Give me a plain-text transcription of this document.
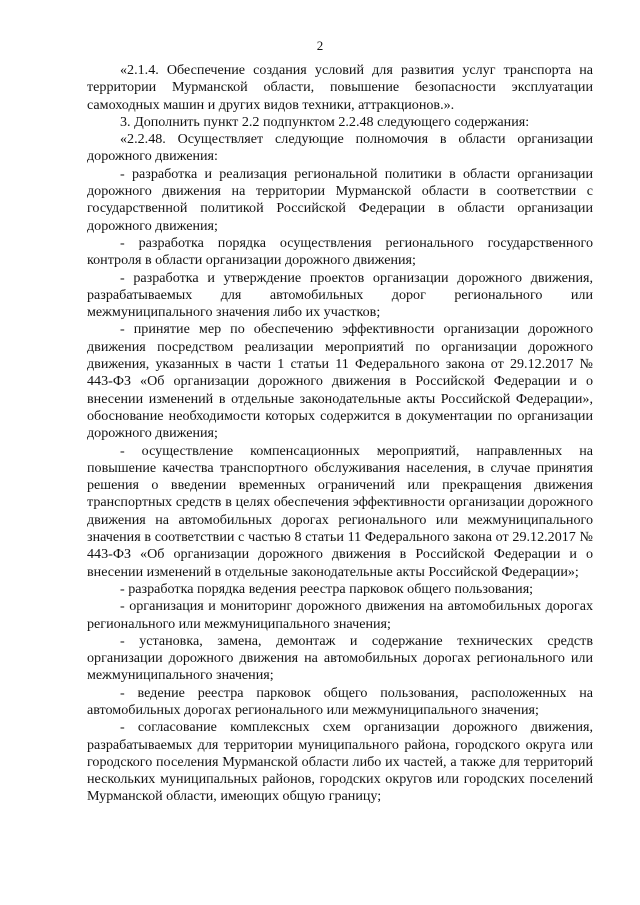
2

«2.1.4. Обеспечение создания условий для развития услуг транспорта на территории Мурманской области, повышение безопасности эксплуатации самоходных машин и других видов техники, аттракционов.».

3. Дополнить пункт 2.2 подпунктом 2.2.48 следующего содержания:

«2.2.48. Осуществляет следующие полномочия в области организации дорожного движения:

- разработка и реализация региональной политики в области организации дорожного движения на территории Мурманской области в соответствии с государственной политикой Российской Федерации в области организации дорожного движения;

- разработка порядка осуществления регионального государственного контроля в области организации дорожного движения;

- разработка и утверждение проектов организации дорожного движения, разрабатываемых для автомобильных дорог регионального или межмуниципального значения либо их участков;

- принятие мер по обеспечению эффективности организации дорожного движения посредством реализации мероприятий по организации дорожного движения, указанных в части 1 статьи 11 Федерального закона от 29.12.2017 № 443-ФЗ «Об организации дорожного движения в Российской Федерации и о внесении изменений в отдельные законодательные акты Российской Федерации», обоснование необходимости которых содержится в документации по организации дорожного движения;

- осуществление компенсационных мероприятий, направленных на повышение качества транспортного обслуживания населения, в случае принятия решения о введении временных ограничений или прекращения движения транспортных средств в целях обеспечения эффективности организации дорожного движения на автомобильных дорогах регионального или межмуниципального значения в соответствии с частью 8 статьи 11 Федерального закона от 29.12.2017 № 443-ФЗ «Об организации дорожного движения в Российской Федерации и о внесении изменений в отдельные законодательные акты Российской Федерации»;

- разработка порядка ведения реестра парковок общего пользования;

- организация и мониторинг дорожного движения на автомобильных дорогах регионального или межмуниципального значения;

- установка, замена, демонтаж и содержание технических средств организации дорожного движения на автомобильных дорогах регионального или межмуниципального значения;

- ведение реестра парковок общего пользования, расположенных на автомобильных дорогах регионального или межмуниципального значения;

- согласование комплексных схем организации дорожного движения, разрабатываемых для территории муниципального района, городского округа или городского поселения Мурманской области либо их частей, а также для территорий нескольких муниципальных районов, городских округов или городских поселений Мурманской области, имеющих общую границу;
